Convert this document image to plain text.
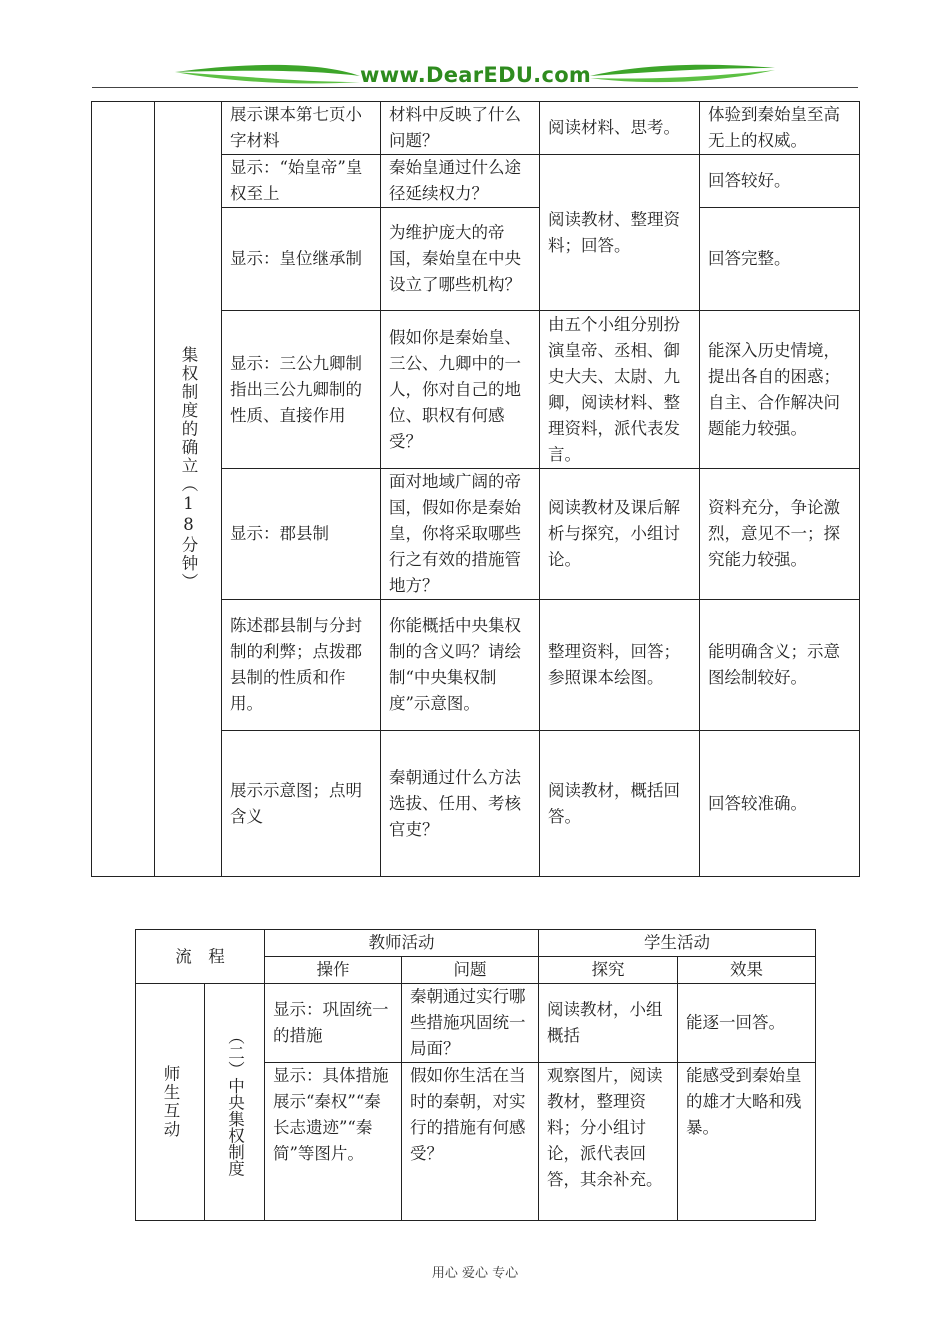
www.DearEDU.com

	集权制度的确立（18分钟）	展示课本第七页小字材料	材料中反映了什么问题？	阅读材料、思考。	体验到秦始皇至高无上的权威。
		显示：“始皇帝”皇权至上	秦始皇通过什么途径延续权力？	阅读教材、整理资料；回答。	回答较好。
		显示：皇位继承制	为维护庞大的帝国，秦始皇在中央设立了哪些机构？		回答完整。
		显示：三公九卿制指出三公九卿制的性质、直接作用	假如你是秦始皇、三公、九卿中的一人，你对自己的地位、职权有何感受？	由五个小组分别扮演皇帝、丞相、御史大夫、太尉、九卿，阅读材料、整理资料，派代表发言。	能深入历史情境，提出各自的困惑；自主、合作解决问题能力较强。
		显示：郡县制	面对地域广阔的帝国，假如你是秦始皇，你将采取哪些行之有效的措施管地方？	阅读教材及课后解析与探究，小组讨论。	资料充分，争论激烈，意见不一；探究能力较强。
		陈述郡县制与分封制的利弊；点拨郡县制的性质和作用。	你能概括中央集权制的含义吗？请绘制“中央集权制度”示意图。	整理资料，回答；参照课本绘图。	能明确含义；示意图绘制较好。
		展示示意图；点明含义	秦朝通过什么方法选拔、任用、考核官吏？	阅读教材，概括回答。	回答较准确。
流　程		教师活动		学生活动	
		操作	问题	探究	效果

师生互动	（二）中央集权制度	显示：巩固统一的措施	秦朝通过实行哪些措施巩固统一局面？	阅读教材，小组概括	能逐一回答。
		显示：具体措施展示“秦权”“秦长志遗迹”“秦简”等图片。	假如你生活在当时的秦朝，对实行的措施有何感受？	观察图片，阅读教材，整理资料；分小组讨论，派代表回答，其余补充。	能感受到秦始皇的雄才大略和残暴。
用心 爱心 专心
